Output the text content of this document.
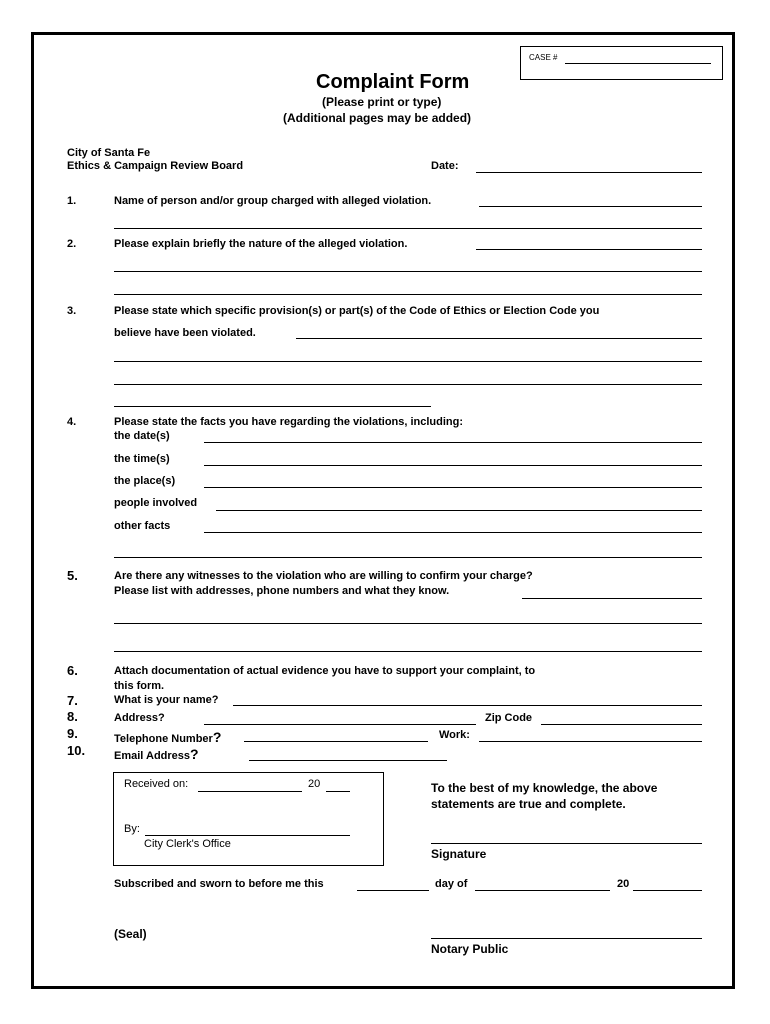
CASE #
Complaint Form
(Please print or type)
(Additional pages may be added)
City of Santa Fe
Ethics & Campaign Review Board	Date:
1.	Name of person and/or group charged with alleged violation.
2.	Please explain briefly the nature of the alleged violation.
3.	Please state which specific provision(s) or part(s) of the Code of Ethics or Election Code you
believe have been violated.
4.	Please state the facts you have regarding the violations, including:
the date(s)
the time(s)
the place(s)
people involved
other facts
5.	Are there any witnesses to the violation who are willing to confirm your charge?
Please list with addresses, phone numbers and what they know.
6.	Attach documentation of actual evidence you have to support your complaint, to
this form.
7.	What is your name?
8.	Address?	Zip Code
9.	Telephone Number?	Work:
10.	Email Address?
Received on:	20
By:
City Clerk's Office
To the best of my knowledge, the above
statements are true and complete.
Signature
Subscribed and sworn to before me this	day of	20
(Seal)
Notary Public
